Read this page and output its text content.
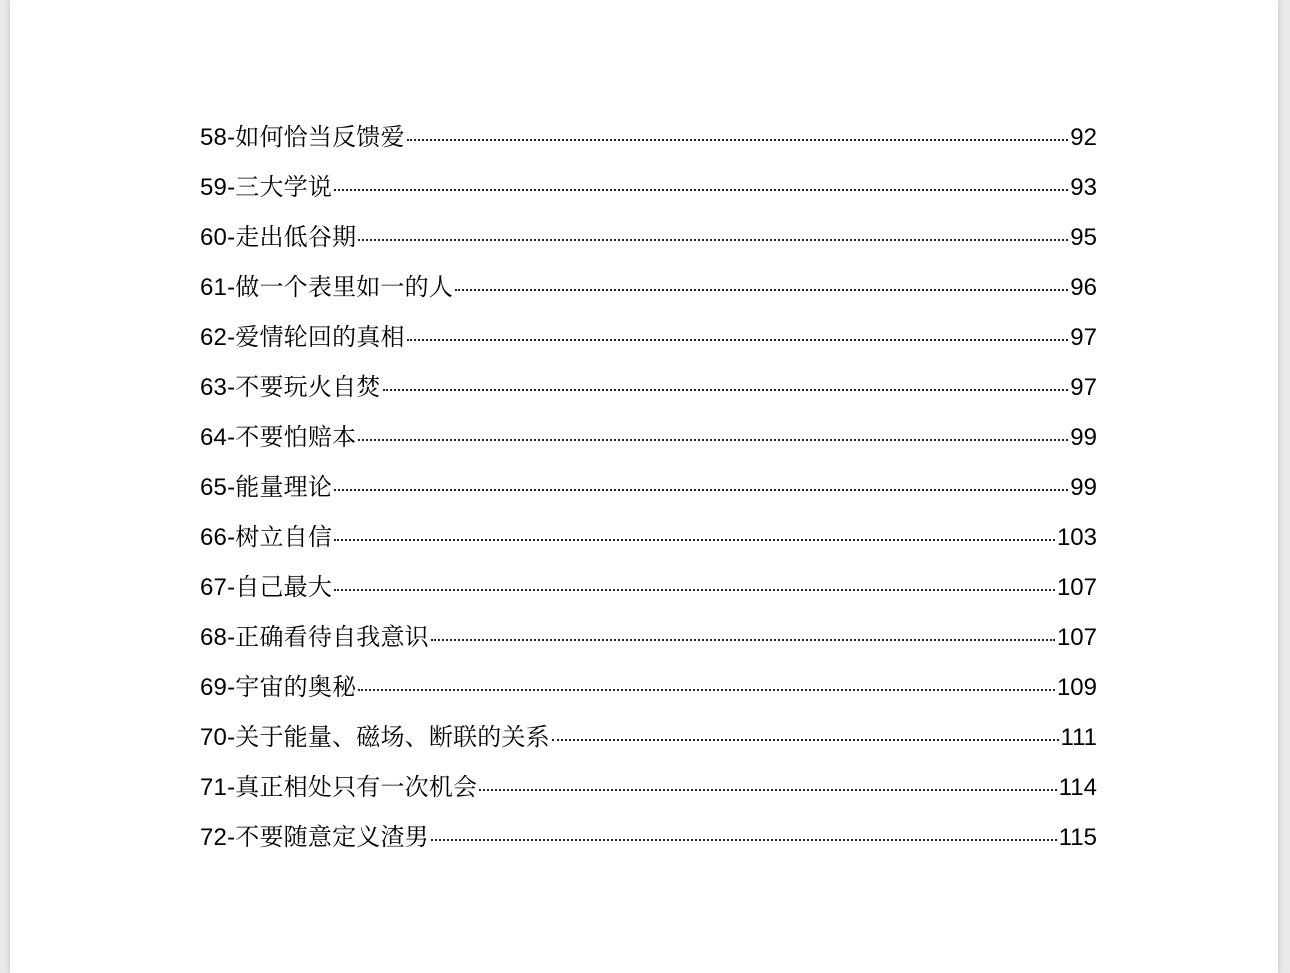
58-如何恰当反馈爱	92
59-三大学说	93
60-走出低谷期	95
61-做一个表里如一的人	96
62-爱情轮回的真相	97
63-不要玩火自焚	97
64-不要怕赔本	99
65-能量理论	99
66-树立自信	103
67-自己最大	107
68-正确看待自我意识	107
69-宇宙的奥秘	109
70-关于能量、磁场、断联的关系	111
71-真正相处只有一次机会	114
72-不要随意定义渣男	115
